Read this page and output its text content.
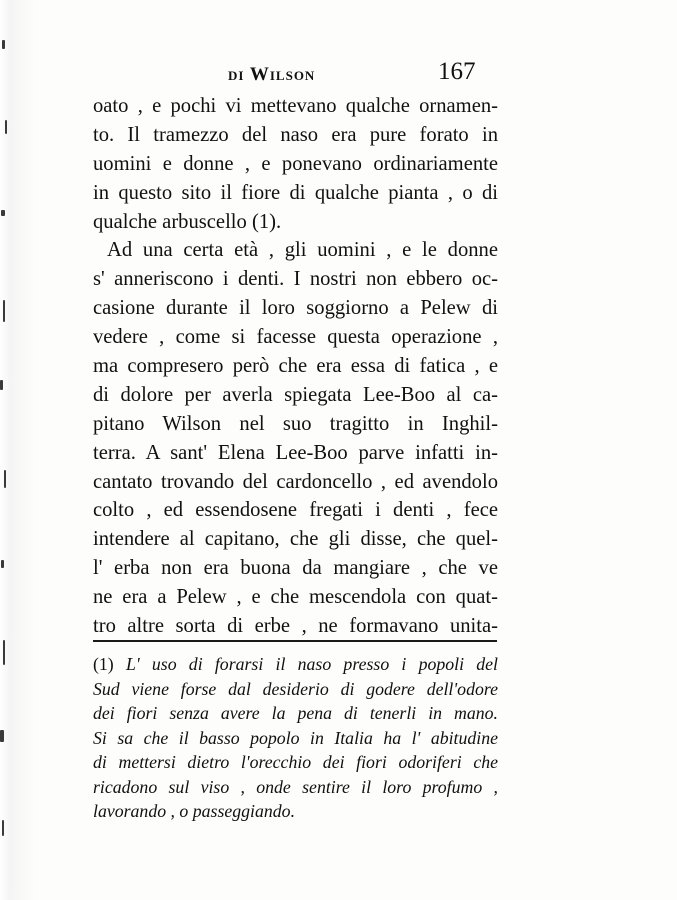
di Wilson	167
oato , e pochi vi mettevano qualche ornamen-
to. Il tramezzo del naso era pure forato in
uomini e donne , e ponevano ordinariamente
in questo sito il fiore di qualche pianta , o di
qualche arbuscello (1).
Ad una certa età , gli uomini , e le donne
s' anneriscono i denti. I nostri non ebbero oc-
casione durante il loro soggiorno a Pelew di
vedere , come si facesse questa operazione ,
ma compresero però che era essa di fatica , e
di dolore per averla spiegata Lee-Boo al ca-
pitano Wilson nel suo tragitto in Inghil-
terra. A sant' Elena Lee-Boo parve infatti in-
cantato trovando del cardoncello , ed avendolo
colto , ed essendosene fregati i denti , fece
intendere al capitano, che gli disse, che quel-
l' erba non era buona da mangiare , che ve
ne era a Pelew , e che mescendola con quat-
tro altre sorta di erbe , ne formavano unita-
(1) L' uso di forarsi il naso presso i popoli del
Sud viene forse dal desiderio di godere dell'odore
dei fiori senza avere la pena di tenerli in mano.
Si sa che il basso popolo in Italia ha l' abitudine
di mettersi dietro l'orecchio dei fiori odoriferi che
ricadono sul viso , onde sentire il loro profumo ,
lavorando , o passeggiando.
